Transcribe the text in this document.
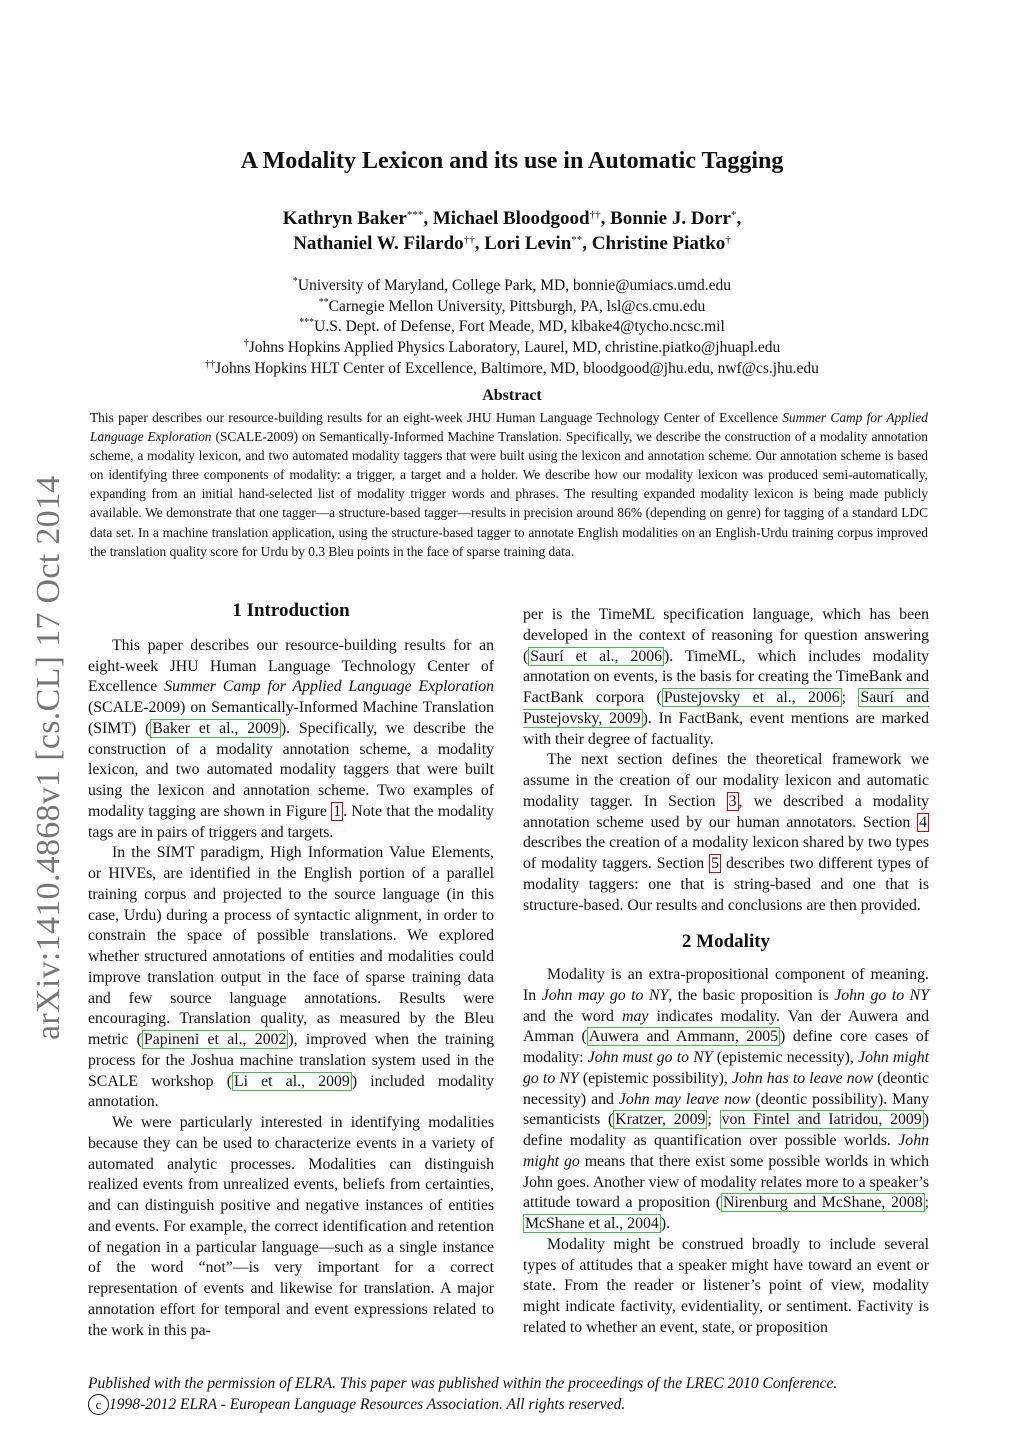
A Modality Lexicon and its use in Automatic Tagging
Kathryn Baker***, Michael Bloodgood††, Bonnie J. Dorr*,
Nathaniel W. Filardo††, Lori Levin**, Christine Piatko†
*University of Maryland, College Park, MD, bonnie@umiacs.umd.edu
**Carnegie Mellon University, Pittsburgh, PA, lsl@cs.cmu.edu
***U.S. Dept. of Defense, Fort Meade, MD, klbake4@tycho.ncsc.mil
†Johns Hopkins Applied Physics Laboratory, Laurel, MD, christine.piatko@jhuapl.edu
††Johns Hopkins HLT Center of Excellence, Baltimore, MD, bloodgood@jhu.edu, nwf@cs.jhu.edu
Abstract
This paper describes our resource-building results for an eight-week JHU Human Language Technology Center of Excellence Summer Camp for Applied Language Exploration (SCALE-2009) on Semantically-Informed Machine Translation. Specifically, we describe the construction of a modality annotation scheme, a modality lexicon, and two automated modality taggers that were built using the lexicon and annotation scheme. Our annotation scheme is based on identifying three components of modality: a trigger, a target and a holder. We describe how our modality lexicon was produced semi-automatically, expanding from an initial hand-selected list of modality trigger words and phrases. The resulting expanded modality lexicon is being made publicly available. We demonstrate that one tagger—a structure-based tagger—results in precision around 86% (depending on genre) for tagging of a standard LDC data set. In a machine translation application, using the structure-based tagger to annotate English modalities on an English-Urdu training corpus improved the translation quality score for Urdu by 0.3 Bleu points in the face of sparse training data.

1 Introduction

This paper describes our resource-building results for an eight-week JHU Human Language Technology Center of Excellence Summer Camp for Applied Language Exploration (SCALE-2009) on Semantically-Informed Machine Translation (SIMT) ( Baker et al., 2009 ). Specifically, we describe the construction of a modality annotation scheme, a modality lexicon, and two automated modality taggers that were built using the lexicon and annotation scheme. Two examples of modality tagging are shown in Figure 1 . Note that the modality tags are in pairs of triggers and targets.

In the SIMT paradigm, High Information Value Elements, or HIVEs, are identified in the English portion of a parallel training corpus and projected to the source language (in this case, Urdu) during a process of syntactic alignment, in order to constrain the space of possible translations. We explored whether structured annotations of entities and modalities could improve translation output in the face of sparse training data and few source language annotations. Results were encouraging. Translation quality, as measured by the Bleu metric ( Papineni et al., 2002 ), improved when the training process for the Joshua machine translation system used in the SCALE workshop ( Li et al., 2009 ) included modality annotation.

We were particularly interested in identifying modalities because they can be used to characterize events in a variety of automated analytic processes. Modalities can distinguish realized events from unrealized events, beliefs from certainties, and can distinguish positive and negative instances of entities and events. For example, the correct identification and retention of negation in a particular language—such as a single instance of the word “not”—is very important for a correct representation of events and likewise for translation. A major annotation effort for temporal and event expressions related to the work in this pa-

per is the TimeML specification language, which has been developed in the context of reasoning for question answering ( Saurí et al., 2006 ). TimeML, which includes modality annotation on events, is the basis for creating the TimeBank and FactBank corpora ( Pustejovsky et al., 2006 ; Saurí and Pustejovsky, 2009 ). In FactBank, event mentions are marked with their degree of factuality.

The next section defines the theoretical framework we assume in the creation of our modality lexicon and automatic modality tagger. In Section 3 , we described a modality annotation scheme used by our human annotators. Section 4 describes the creation of a modality lexicon shared by two types of modality taggers. Section 5 describes two different types of modality taggers: one that is string-based and one that is structure-based. Our results and conclusions are then provided.

2 Modality

Modality is an extra-propositional component of meaning. In John may go to NY, the basic proposition is John go to NY and the word may indicates modality. Van der Auwera and Amman ( Auwera and Ammann, 2005 ) define core cases of modality: John must go to NY (epistemic necessity), John might go to NY (epistemic possibility), John has to leave now (deontic necessity) and John may leave now (deontic possibility). Many semanticists ( Kratzer, 2009 ; von Fintel and Iatridou, 2009 ) define modality as quantification over possible worlds. John might go means that there exist some possible worlds in which John goes. Another view of modality relates more to a speaker’s attitude toward a proposition ( Nirenburg and McShane, 2008 ; McShane et al., 2004 ).

Modality might be construed broadly to include several types of attitudes that a speaker might have toward an event or state. From the reader or listener’s point of view, modality might indicate factivity, evidentiality, or sentiment. Factivity is related to whether an event, state, or proposition

Published with the permission of ELRA. This paper was published within the proceedings of the LREC 2010 Conference.
c 1998-2012 ELRA - European Language Resources Association. All rights reserved.
arXiv:1410.4868v1 [cs.CL] 17 Oct 2014
